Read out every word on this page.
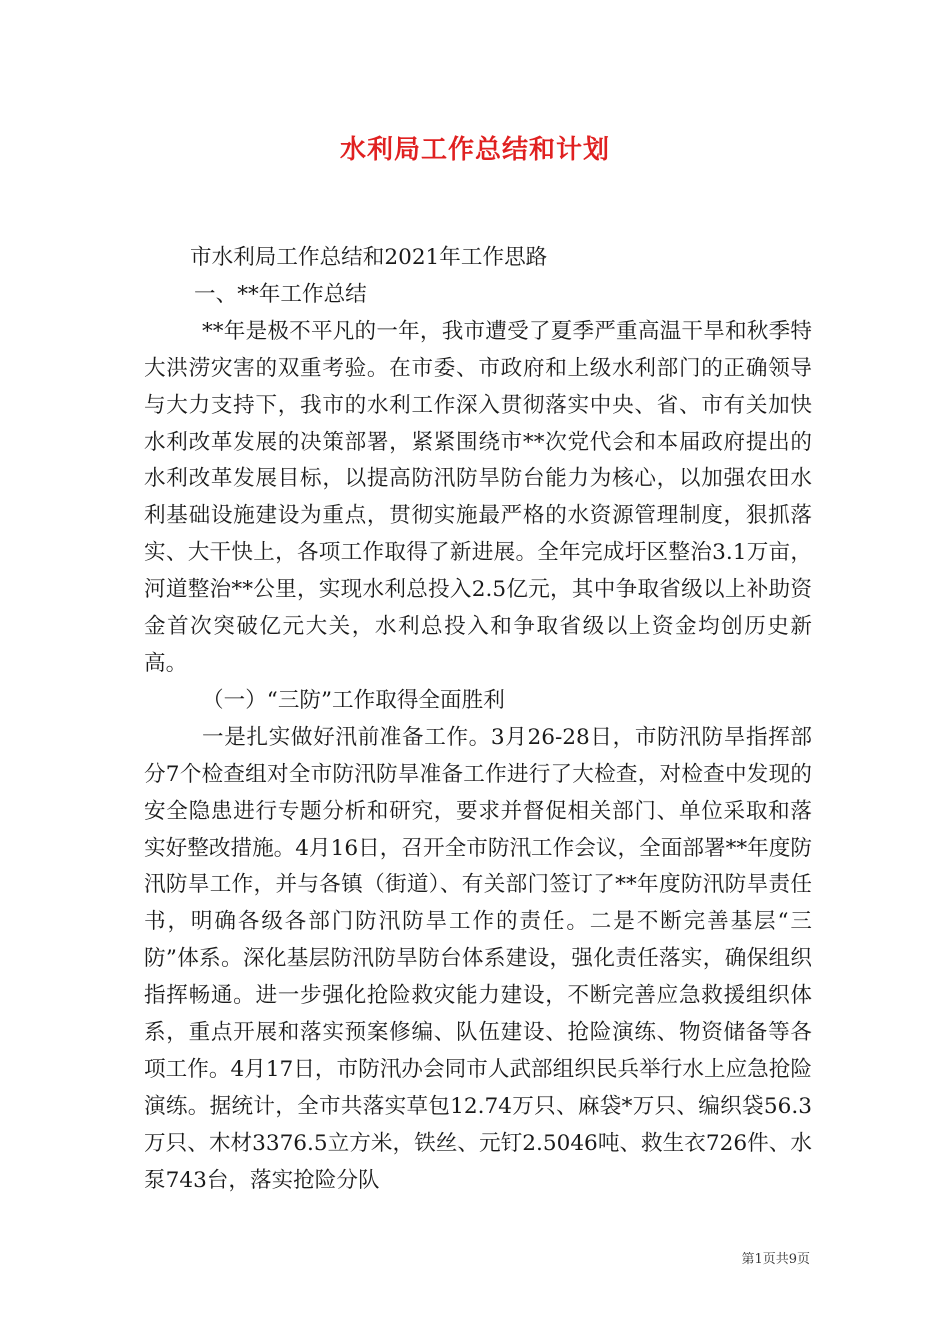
水利局工作总结和计划

市水利局工作总结和2021年工作思路

一、**年工作总结

**年是极不平凡的一年，我市遭受了夏季严重高温干旱和秋季特大洪涝灾害的双重考验。在市委、市政府和上级水利部门的正确领导与大力支持下，我市的水利工作深入贯彻落实中央、省、市有关加快水利改革发展的决策部署，紧紧围绕市**次党代会和本届政府提出的水利改革发展目标，以提高防汛防旱防台能力为核心，以加强农田水利基础设施建设为重点，贯彻实施最严格的水资源管理制度，狠抓落实、大干快上，各项工作取得了新进展。全年完成圩区整治3.1万亩，河道整治**公里，实现水利总投入2.5亿元，其中争取省级以上补助资金首次突破亿元大关，水利总投入和争取省级以上资金均创历史新高。

（一）“三防”工作取得全面胜利

一是扎实做好汛前准备工作。3月26-28日，市防汛防旱指挥部分7个检查组对全市防汛防旱准备工作进行了大检查，对检查中发现的安全隐患进行专题分析和研究，要求并督促相关部门、单位采取和落实好整改措施。4月16日，召开全市防汛工作会议，全面部署**年度防汛防旱工作，并与各镇（街道）、有关部门签订了**年度防汛防旱责任书，明确各级各部门防汛防旱工作的责任。二是不断完善基层“三防”体系。深化基层防汛防旱防台体系建设，强化责任落实，确保组织指挥畅通。进一步强化抢险救灾能力建设，不断完善应急救援组织体系，重点开展和落实预案修编、队伍建设、抢险演练、物资储备等各项工作。4月17日，市防汛办会同市人武部组织民兵举行水上应急抢险演练。据统计，全市共落实草包12.74万只、麻袋*万只、编织袋56.3万只、木材3376.5立方米，铁丝、元钉2.5046吨、救生衣726件、水泵743台，落实抢险分队

第1页共9页
